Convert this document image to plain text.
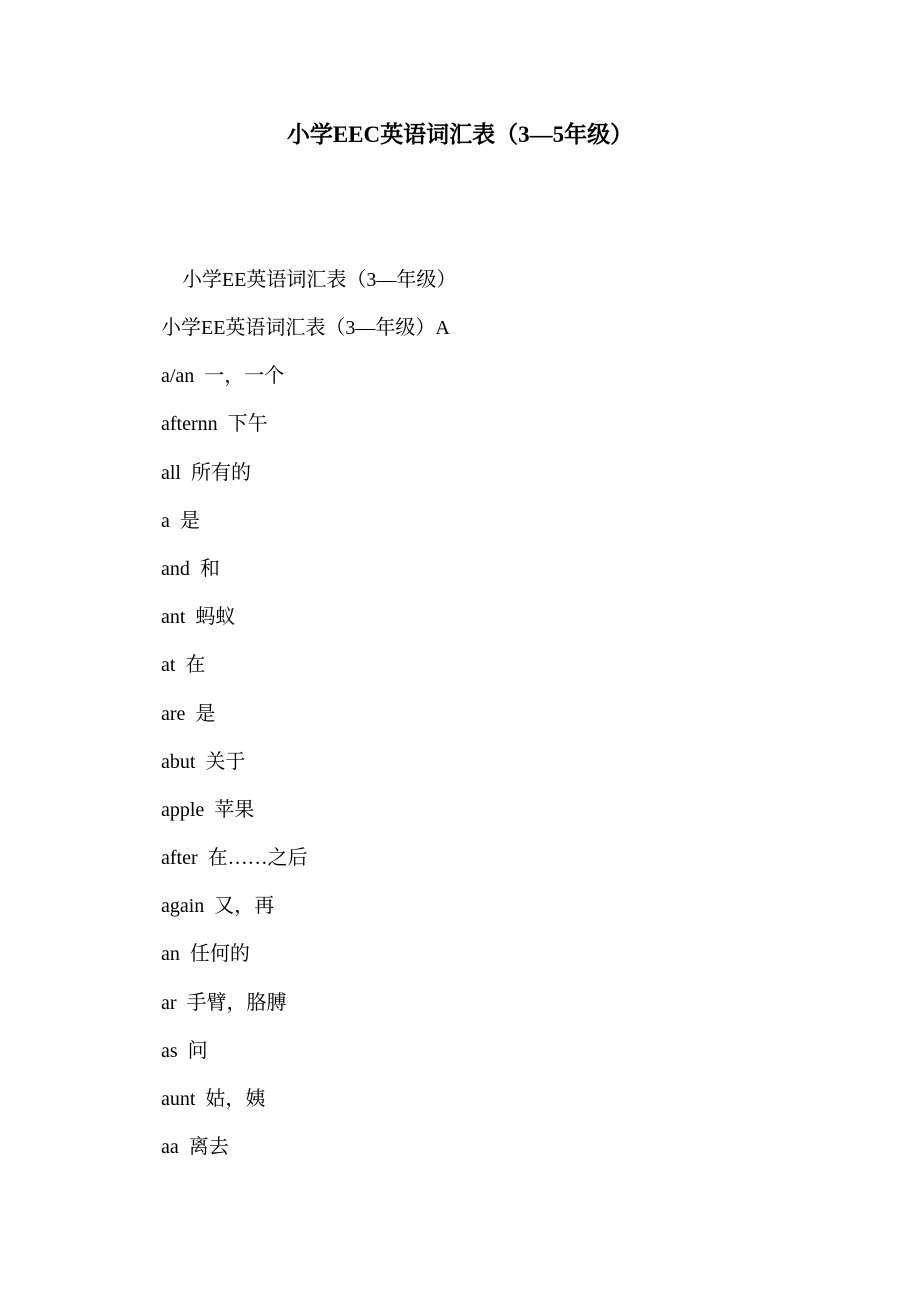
小学EEC英语词汇表（3—5年级）

小学EE英语词汇表（3—年级）

小学EE英语词汇表（3—年级）A
a/an  一，一个
afternn  下午
all  所有的
a  是
and  和
ant  蚂蚁
at  在
are  是
abut  关于
apple  苹果
after  在……之后
again  又，再
an  任何的
ar  手臂，胳膊
as  问
aunt  姑，姨
aa  离去
